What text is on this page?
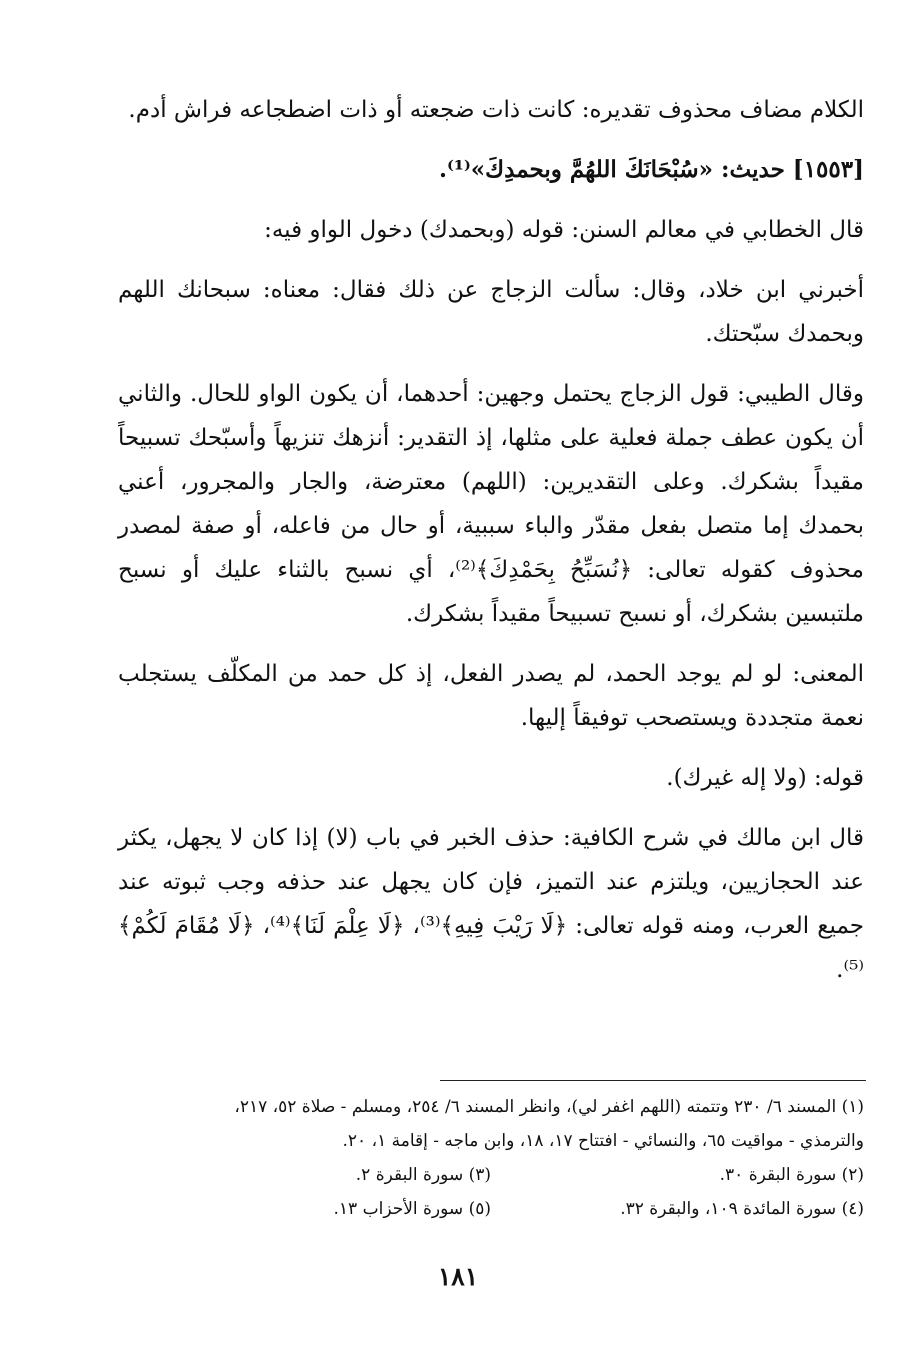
الكلام مضاف محذوف تقديره: كانت ذات ضجعته أو ذات اضطجاعه فراش أدم.

[١٥٥٣] حديث: «سُبْحَانَكَ اللهُمَّ وبحمدِكَ»⁽¹⁾.

قال الخطابي في معالم السنن: قوله (وبحمدك) دخول الواو فيه:

أخبرني ابن خلاد، وقال: سألت الزجاج عن ذلك فقال: معناه: سبحانك اللهم وبحمدك سبّحتك.

وقال الطيبي: قول الزجاج يحتمل وجهين: أحدهما، أن يكون الواو للحال. والثاني أن يكون عطف جملة فعلية على مثلها، إذ التقدير: أنزهك تنزيهاً وأسبّحك تسبيحاً مقيداً بشكرك. وعلى التقديرين: (اللهم) معترضة، والجار والمجرور، أعني بحمدك إما متصل بفعل مقدّر والباء سببية، أو حال من فاعله، أو صفة لمصدر محذوف كقوله تعالى: ﴿نُسَبِّحُ بِحَمْدِكَ﴾⁽²⁾، أي نسبح بالثناء عليك أو نسبح ملتبسين بشكرك، أو نسبح تسبيحاً مقيداً بشكرك.

المعنى: لو لم يوجد الحمد، لم يصدر الفعل، إذ كل حمد من المكلّف يستجلب نعمة متجددة ويستصحب توفيقاً إليها.

قوله: (ولا إله غيرك).

قال ابن مالك في شرح الكافية: حذف الخبر في باب (لا) إذا كان لا يجهل، يكثر عند الحجازيين، ويلتزم عند التميز، فإن كان يجهل عند حذفه وجب ثبوته عند جميع العرب، ومنه قوله تعالى: ﴿لَا رَيْبَ فِيهِ﴾⁽³⁾، ﴿لَا عِلْمَ لَنَا﴾⁽⁴⁾، ﴿لَا مُقَامَ لَكُمْ﴾⁽⁵⁾.

(١) المسند ٦/ ٢٣٠ وتتمته (اللهم اغفر لي)، وانظر المسند ٦/ ٢٥٤، ومسلم - صلاة ٥٢، ٢١٧،

والترمذي - مواقيت ٦٥، والنسائي - افتتاح ١٧، ١٨، وابن ماجه - إقامة ١، ٢٠.

(٢) سورة البقرة ٣٠.
(٣) سورة البقرة ٢.
(٤) سورة المائدة ١٠٩، والبقرة ٣٢.
(٥) سورة الأحزاب ١٣.
١٨١
